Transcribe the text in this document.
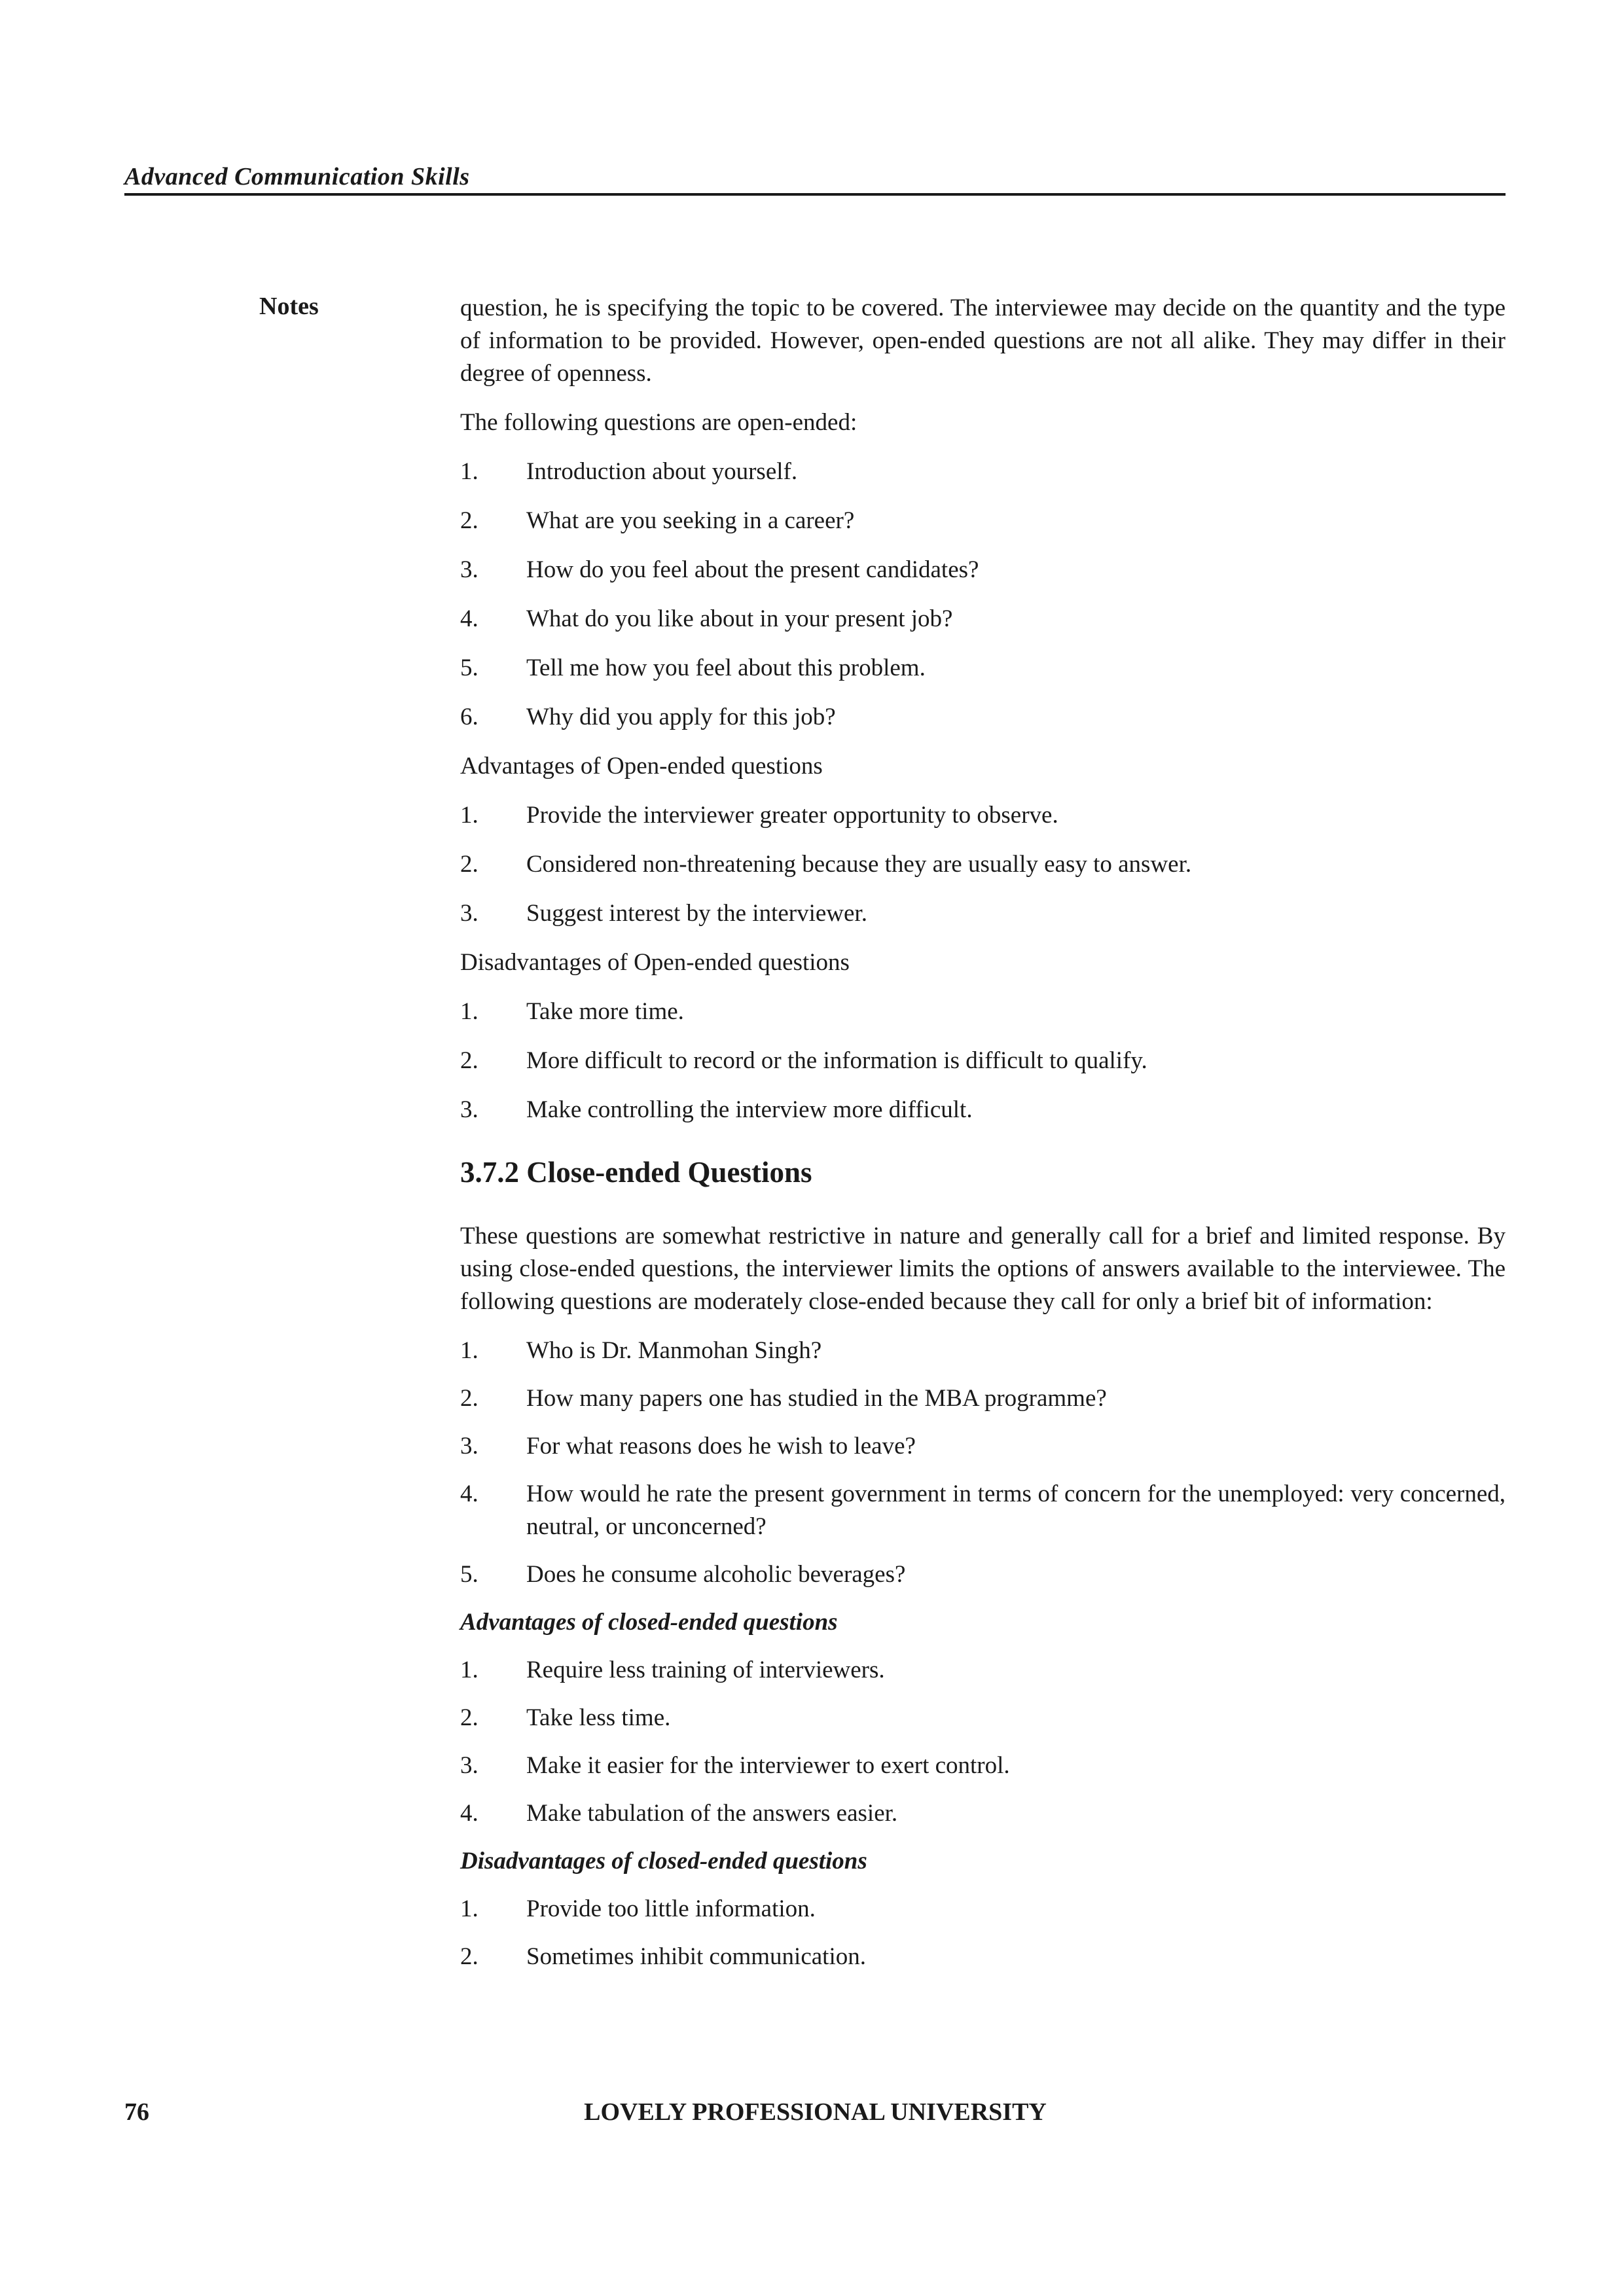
Advanced Communication Skills
Notes	question, he is specifying the topic to be covered. The interviewee may decide on the quantity and the type of information to be provided. However, open-ended questions are not all alike. They may differ in their degree of openness.

The following questions are open-ended:

1.	Introduction about yourself.
2.	What are you seeking in a career?
3.	How do you feel about the present candidates?
4.	What do you like about in your present job?
5.	Tell me how you feel about this problem.
6.	Why did you apply for this job?

Advantages of Open-ended questions

1.	Provide the interviewer greater opportunity to observe.
2.	Considered non-threatening because they are usually easy to answer.
3.	Suggest interest by the interviewer.

Disadvantages of Open-ended questions

1.	Take more time.
2.	More difficult to record or the information is difficult to qualify.
3.	Make controlling the interview more difficult.
3.7.2 Close-ended Questions

These questions are somewhat restrictive in nature and generally call for a brief and limited response. By using close-ended questions, the interviewer limits the options of answers available to the interviewee. The following questions are moderately close-ended because they call for only a brief bit of information:

1.	Who is Dr. Manmohan Singh?
2.	How many papers one has studied in the MBA programme?
3.	For what reasons does he wish to leave?
4.	How would he rate the present government in terms of concern for the unemployed: very concerned, neutral, or unconcerned?
5.	Does he consume alcoholic beverages?

Advantages of closed-ended questions

1.	Require less training of interviewers.
2.	Take less time.
3.	Make it easier for the interviewer to exert control.
4.	Make tabulation of the answers easier.

Disadvantages of closed-ended questions

1.	Provide too little information.
2.	Sometimes inhibit communication.
76	LOVELY PROFESSIONAL UNIVERSITY
